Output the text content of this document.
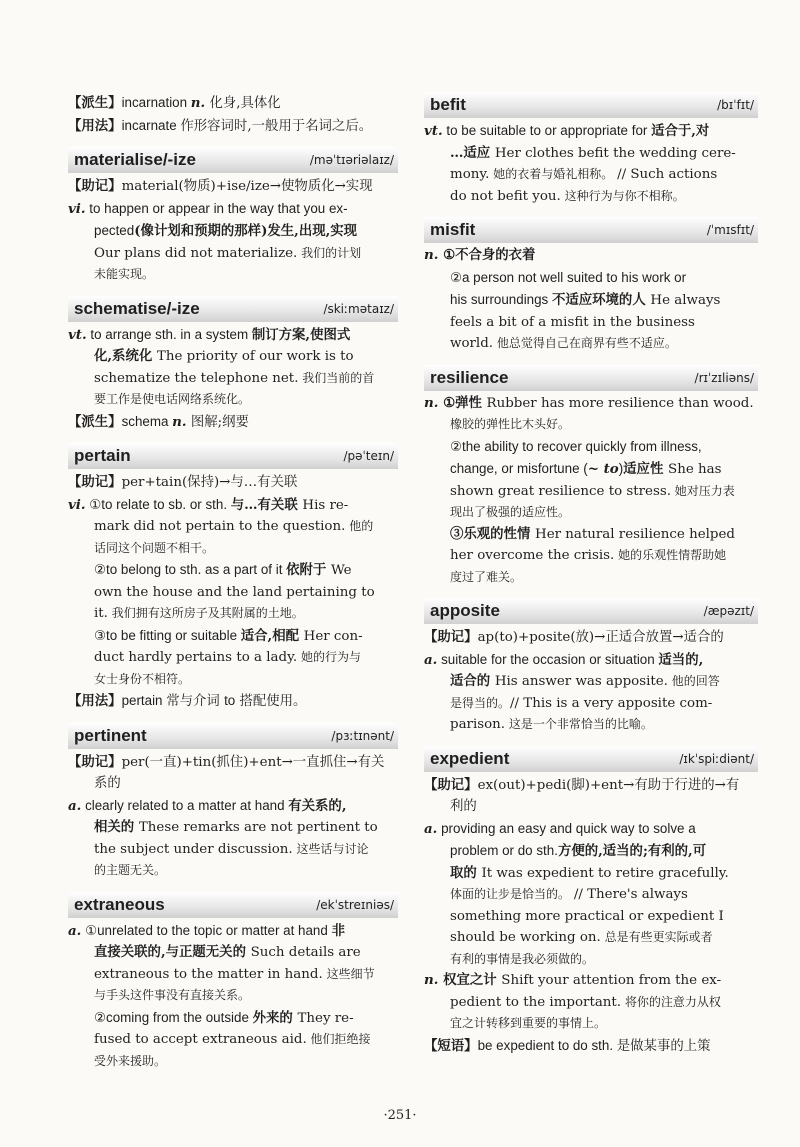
【派生】incarnation n. 化身,具体化
【用法】incarnate 作形容词时,一般用于名词之后。
materialise/-ize	/məˈtɪəriəlaɪz/
【助记】material(物质)+ise/ize→使物质化→实现
vi. to happen or appear in the way that you ex-
pected(像计划和预期的那样)发生,出现,实现
Our plans did not materialize. 我们的计划
未能实现。
schematise/-ize	/skiːmətaɪz/
vt. to arrange sth. in a system 制订方案,使图式
化,系统化 The priority of our work is to
schematize the telephone net. 我们当前的首
要工作是使电话网络系统化。
【派生】schema n. 图解;纲要
pertain	/pəˈteɪn/
【助记】per+tain(保持)→与…有关联
vi. ①to relate to sb. or sth. 与…有关联 His re-
mark did not pertain to the question. 他的
话同这个问题不相干。
②to belong to sth. as a part of it 依附于 We
own the house and the land pertaining to
it. 我们拥有这所房子及其附属的土地。
③to be fitting or suitable 适合,相配 Her con-
duct hardly pertains to a lady. 她的行为与
女士身份不相符。
【用法】pertain 常与介词 to 搭配使用。
pertinent	/pɜːtɪnənt/
【助记】per(一直)+tin(抓住)+ent→一直抓住→有关
系的
a. clearly related to a matter at hand 有关系的,
相关的 These remarks are not pertinent to
the subject under discussion. 这些话与讨论
的主题无关。
extraneous	/ekˈstreɪniəs/
a. ①unrelated to the topic or matter at hand 非
直接关联的,与正题无关的 Such details are
extraneous to the matter in hand. 这些细节
与手头这件事没有直接关系。
②coming from the outside 外来的 They re-
fused to accept extraneous aid. 他们拒绝接
受外来援助。
befit	/bɪˈfɪt/
vt. to be suitable to or appropriate for 适合于,对
…适应 Her clothes befit the wedding cere-
mony. 她的衣着与婚礼相称。 // Such actions
do not befit you. 这种行为与你不相称。
misfit	/ˈmɪsfɪt/
n. ①不合身的衣着
②a person not well suited to his work or
his surroundings 不适应环境的人 He always
feels a bit of a misfit in the business
world. 他总觉得自己在商界有些不适应。
resilience	/rɪˈzɪliəns/
n. ①弹性 Rubber has more resilience than wood.
橡胶的弹性比木头好。
②the ability to recover quickly from illness,
change, or misfortune (~ to)适应性 She has
shown great resilience to stress. 她对压力表
现出了极强的适应性。
③乐观的性情 Her natural resilience helped
her overcome the crisis. 她的乐观性情帮助她
度过了难关。
apposite	/æpəzɪt/
【助记】ap(to)+posite(放)→正适合放置→适合的
a. suitable for the occasion or situation 适当的,
适合的 His answer was apposite. 他的回答
是得当的。// This is a very apposite com-
parison. 这是一个非常恰当的比喻。
expedient	/ɪkˈspiːdiənt/
【助记】ex(out)+pedi(脚)+ent→有助于行进的→有
利的
a. providing an easy and quick way to solve a
problem or do sth.方便的,适当的;有利的,可
取的 It was expedient to retire gracefully.
体面的让步是恰当的。 // There's always
something more practical or expedient I
should be working on. 总是有些更实际或者
有利的事情是我必须做的。
n. 权宜之计 Shift your attention from the ex-
pedient to the important. 将你的注意力从权
宜之计转移到重要的事情上。
【短语】be expedient to do sth. 是做某事的上策
·251·
